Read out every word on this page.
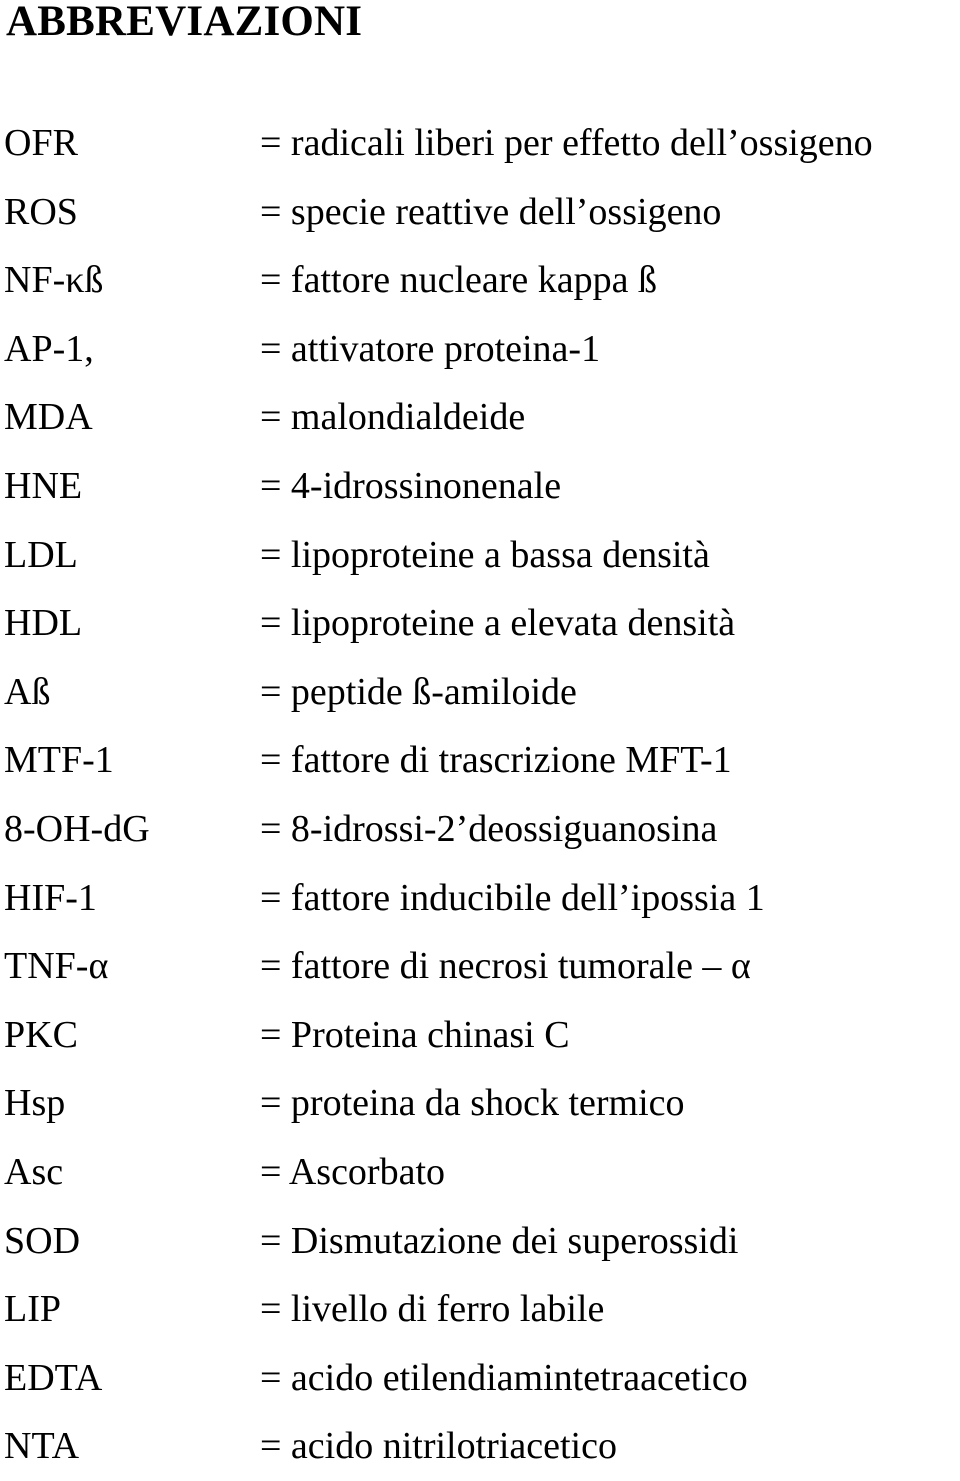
ABBREVIAZIONI
OFR	= radicali liberi per effetto dell’ossigeno
ROS	= specie reattive dell’ossigeno
NF-κß	= fattore nucleare kappa ß
AP-1,	= attivatore proteina-1
MDA	= malondialdeide
HNE	= 4-idrossinonenale
LDL	= lipoproteine a bassa densità
HDL	= lipoproteine a elevata densità
Aß	= peptide ß-amiloide
MTF-1	= fattore di trascrizione MFT-1
8-OH-dG	= 8-idrossi-2’deossiguanosina
HIF-1	= fattore inducibile dell’ipossia 1
TNF-α	= fattore di necrosi tumorale – α
PKC	= Proteina chinasi C
Hsp	= proteina da shock termico
Asc	= Ascorbato
SOD	= Dismutazione dei superossidi
LIP	= livello di ferro labile
EDTA	= acido etilendiamintetraacetico
NTA	= acido nitrilotriacetico
